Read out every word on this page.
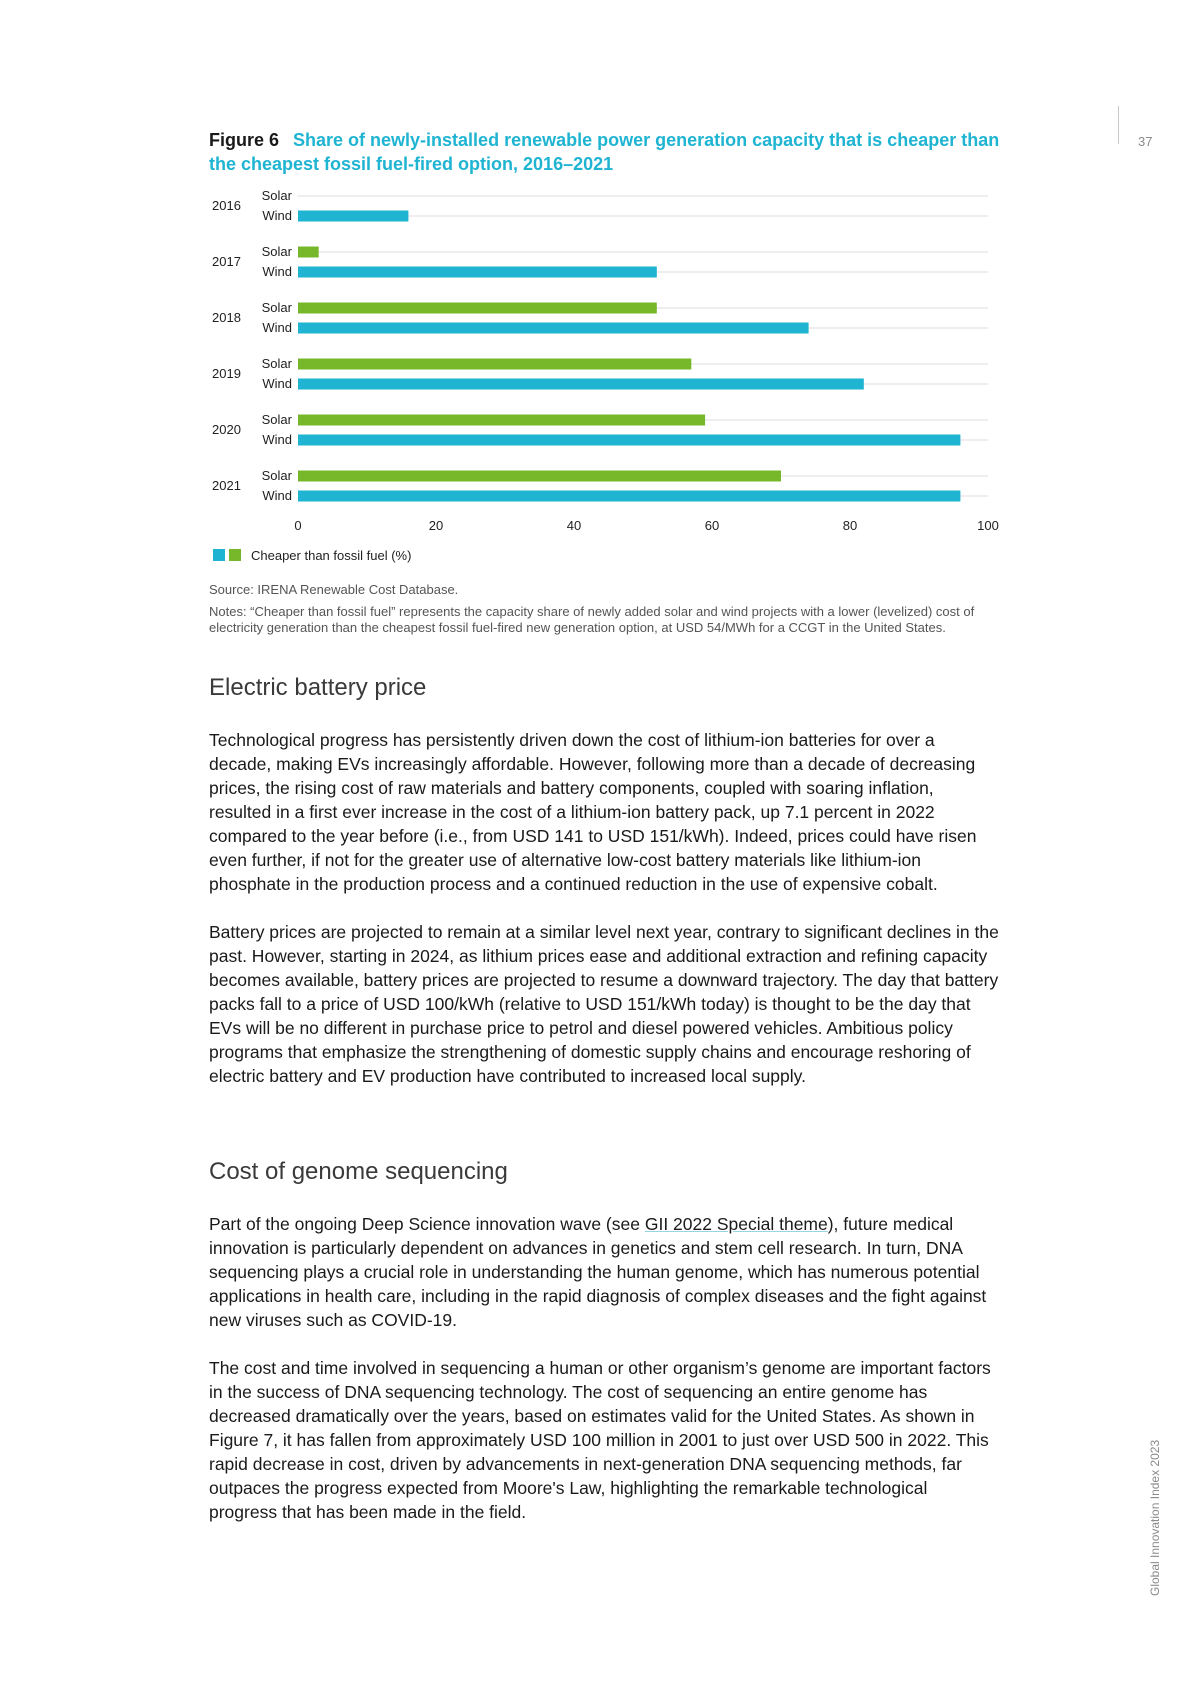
37
Global Innovation Index 2023

Figure 6 Share of newly-installed renewable power generation capacity that is cheaper than the cheapest fossil fuel-fired option, 2016–2021

Solar
Wind
2016
Solar
Wind
2017
Solar
Wind
2018
Solar
Wind
2019
Solar
Wind
2020
Solar
Wind
2021
0	20	40	60	80	100
Cheaper than fossil fuel (%)

Source: IRENA Renewable Cost Database.

Notes: “Cheaper than fossil fuel” represents the capacity share of newly added solar and wind projects with a lower (levelized) cost of electricity generation than the cheapest fossil fuel-fired new generation option, at USD 54/MWh for a CCGT in the United States.

Electric battery price

Technological progress has persistently driven down the cost of lithium-ion batteries for over a decade, making EVs increasingly affordable. However, following more than a decade of decreasing prices, the rising cost of raw materials and battery components, coupled with soaring inflation, resulted in a first ever increase in the cost of a lithium-ion battery pack, up 7.1 percent in 2022 compared to the year before (i.e., from USD 141 to USD 151/kWh). Indeed, prices could have risen even further, if not for the greater use of alternative low-cost battery materials like lithium-ion phosphate in the production process and a continued reduction in the use of expensive cobalt.

Battery prices are projected to remain at a similar level next year, contrary to significant declines in the past. However, starting in 2024, as lithium prices ease and additional extraction and refining capacity becomes available, battery prices are projected to resume a downward trajectory. The day that battery packs fall to a price of USD 100/kWh (relative to USD 151/kWh today) is thought to be the day that EVs will be no different in purchase price to petrol and diesel powered vehicles. Ambitious policy programs that emphasize the strengthening of domestic supply chains and encourage reshoring of electric battery and EV production have contributed to increased local supply.

Cost of genome sequencing

Part of the ongoing Deep Science innovation wave (see GII 2022 Special theme), future medical innovation is particularly dependent on advances in genetics and stem cell research. In turn, DNA sequencing plays a crucial role in understanding the human genome, which has numerous potential applications in health care, including in the rapid diagnosis of complex diseases and the fight against new viruses such as COVID-19.

The cost and time involved in sequencing a human or other organism’s genome are important factors in the success of DNA sequencing technology. The cost of sequencing an entire genome has decreased dramatically over the years, based on estimates valid for the United States. As shown in Figure 7, it has fallen from approximately USD 100 million in 2001 to just over USD 500 in 2022. This rapid decrease in cost, driven by advancements in next-generation DNA sequencing methods, far outpaces the progress expected from Moore's Law, highlighting the remarkable technological progress that has been made in the field.
